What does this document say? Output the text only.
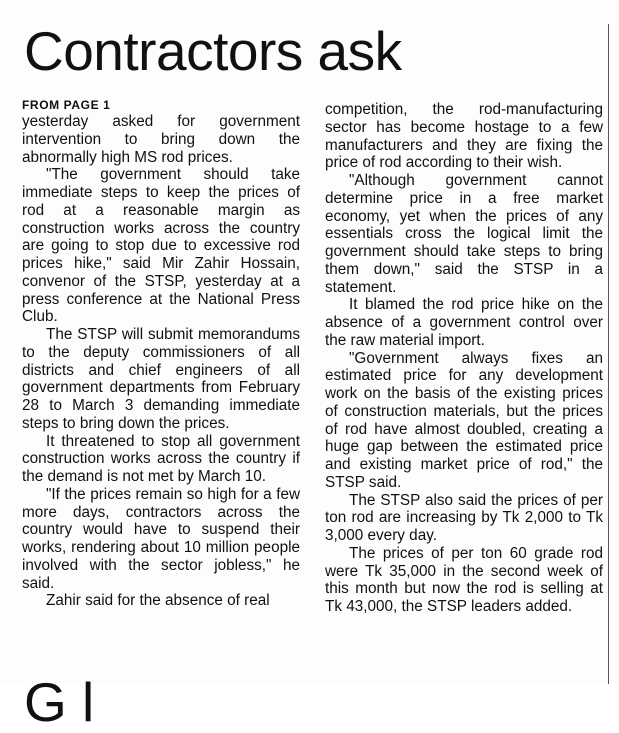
Contractors ask
FROM PAGE 1

yesterday asked for government intervention to bring down the abnormally high MS rod prices.

"The government should take immediate steps to keep the prices of rod at a reasonable margin as construction works across the country are going to stop due to excessive rod prices hike," said Mir Zahir Hossain, convenor of the STSP, yesterday at a press conference at the National Press Club.

The STSP will submit memorandums to the deputy commissioners of all districts and chief engineers of all government departments from February 28 to March 3 demanding immediate steps to bring down the prices.

It threatened to stop all government construction works across the country if the demand is not met by March 10.

"If the prices remain so high for a few more days, contractors across the country would have to suspend their works, rendering about 10 million people involved with the sector jobless," he said.

Zahir said for the absence of real

competition, the rod-manufacturing sector has become hostage to a few manufacturers and they are fixing the price of rod according to their wish.

"Although government cannot determine price in a free market economy, yet when the prices of any essentials cross the logical limit the government should take steps to bring them down," said the STSP in a statement.

It blamed the rod price hike on the absence of a government control over the raw material import.

"Government always fixes an estimated price for any development work on the basis of the existing prices of construction materials, but the prices of rod have almost doubled, creating a huge gap between the estimated price and existing market price of rod," the STSP said.

The STSP also said the prices of per ton rod are increasing by Tk 2,000 to Tk 3,000 every day.

The prices of per ton 60 grade rod were Tk 35,000 in the second week of this month but now the rod is selling at Tk 43,000, the STSP leaders added.

G l
